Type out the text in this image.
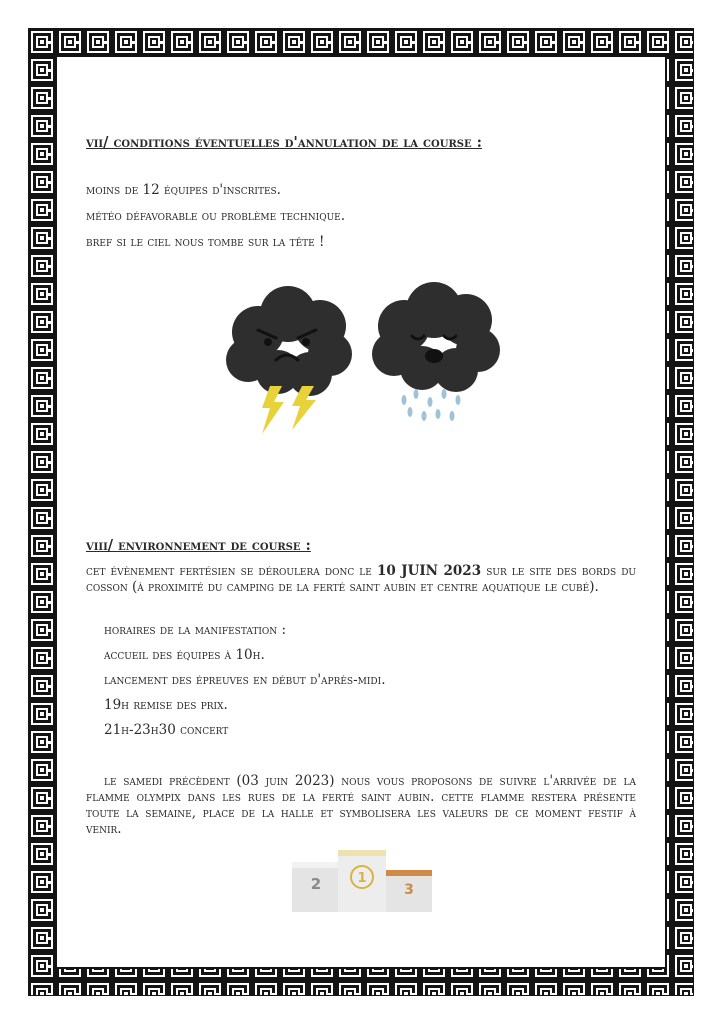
vii/ conditions éventuelles d'annulation de la course :
moins de 12 équipes d'inscrites.
météo défavorable ou problème technique.
bref si le ciel nous tombe sur la tête !
viii/ environnement de course :
cet évènement fertésien se déroulera donc le 10 JUIN 2023 sur le site des bords du cosson (à proximité du camping de la ferté saint aubin et centre aquatique le cubé).
horaires de la manifestation :
accueil des équipes à 10h.
lancement des épreuves en début d'après-midi.
19h remise des prix.
21h-23h30 concert
le samedi précèdent (03 juin 2023) nous vous proposons de suivre l'arrivée de la flamme olympix dans les rues de la ferté saint aubin. cette flamme restera présente toute la semaine, place de la halle et symbolisera les valeurs de ce moment festif à venir.
2	1
3
